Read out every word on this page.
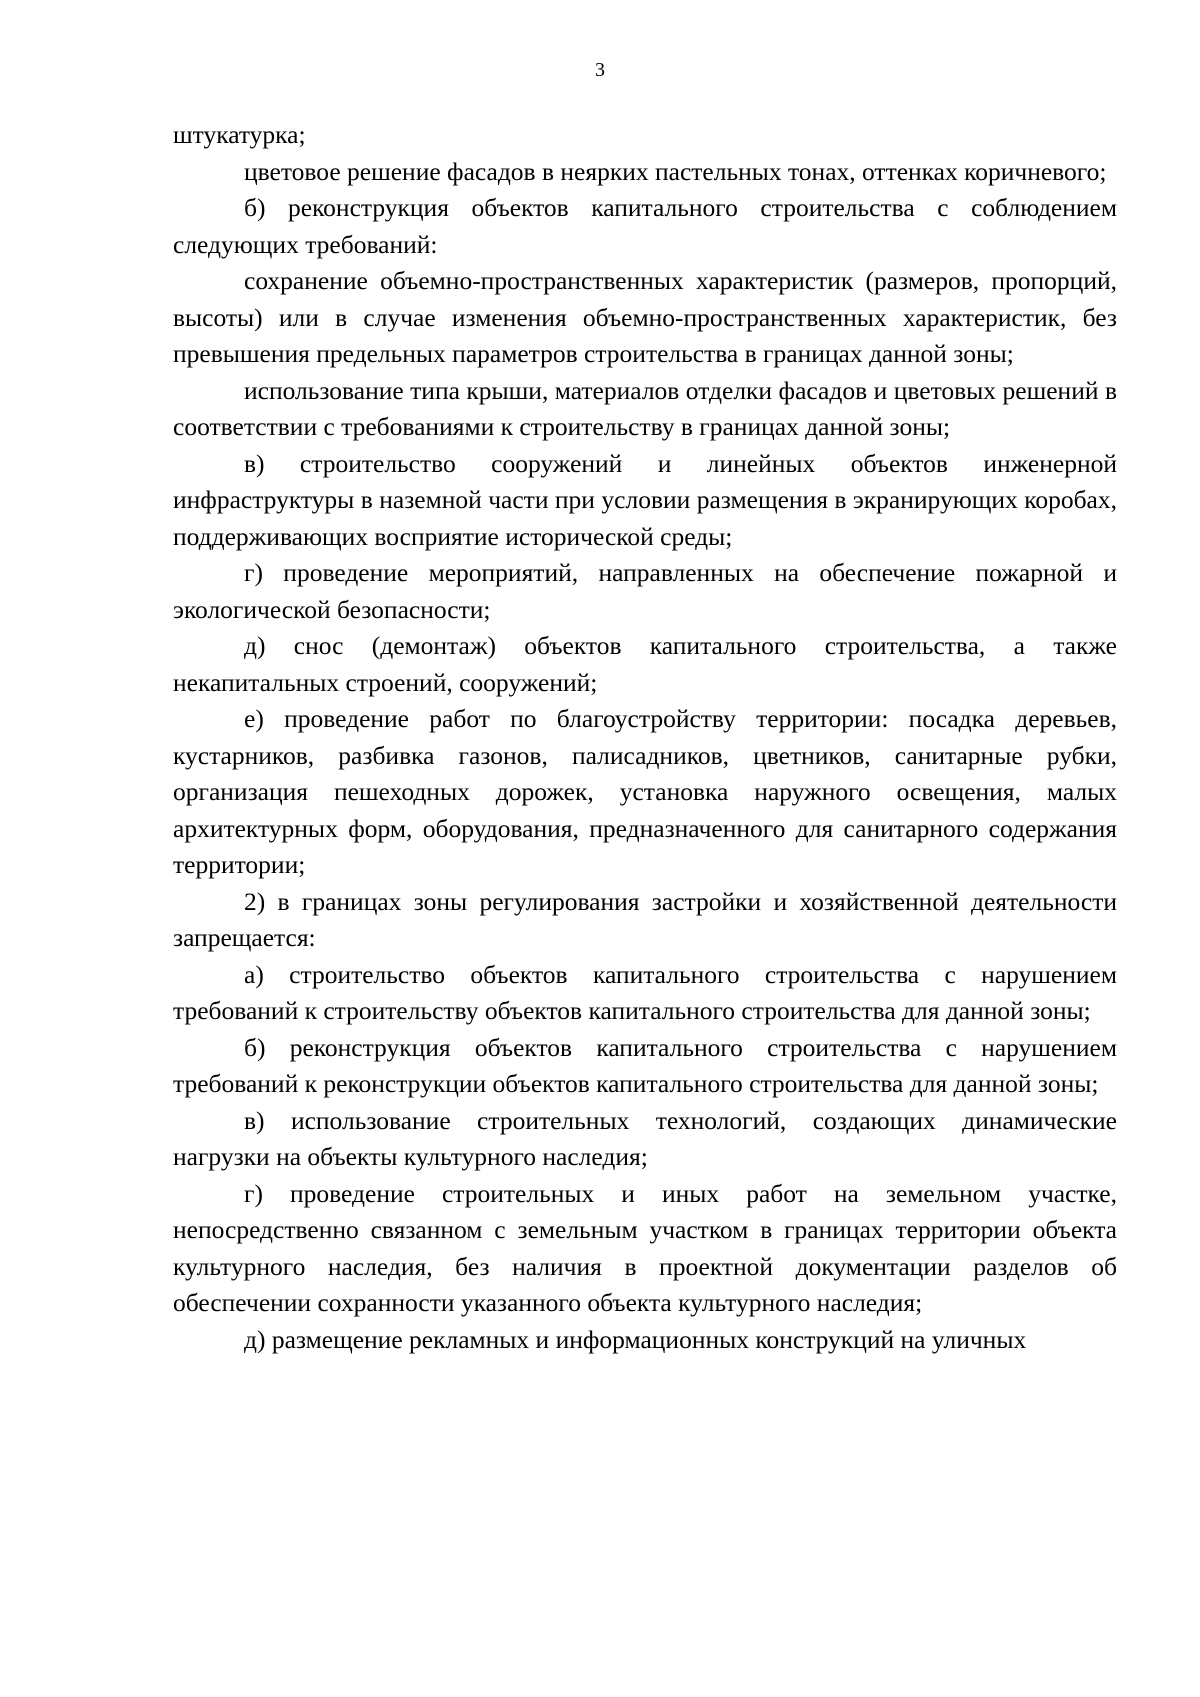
3

штукатурка;

цветовое решение фасадов в неярких пастельных тонах, оттенках коричневого;

б) реконструкция объектов капитального строительства с соблюдением следующих требований:

сохранение объемно-пространственных характеристик (размеров, пропорций, высоты) или в случае изменения объемно-пространственных характеристик, без превышения предельных параметров строительства в границах данной зоны;

использование типа крыши, материалов отделки фасадов и цветовых решений в соответствии с требованиями к строительству в границах данной зоны;

в) строительство сооружений и линейных объектов инженерной инфраструктуры в наземной части при условии размещения в экранирующих коробах, поддерживающих восприятие исторической среды;

г) проведение мероприятий, направленных на обеспечение пожарной и экологической безопасности;

д) снос (демонтаж) объектов капитального строительства, а также некапитальных строений, сооружений;

е) проведение работ по благоустройству территории: посадка деревьев, кустарников, разбивка газонов, палисадников, цветников, санитарные рубки, организация пешеходных дорожек, установка наружного освещения, малых архитектурных форм, оборудования, предназначенного для санитарного содержания территории;

2) в границах зоны регулирования застройки и хозяйственной деятельности запрещается:

а) строительство объектов капитального строительства с нарушением требований к строительству объектов капитального строительства для данной зоны;

б) реконструкция объектов капитального строительства с нарушением требований к реконструкции объектов капитального строительства для данной зоны;

в) использование строительных технологий, создающих динамические нагрузки на объекты культурного наследия;

г) проведение строительных и иных работ на земельном участке, непосредственно связанном с земельным участком в границах территории объекта культурного наследия, без наличия в проектной документации разделов об обеспечении сохранности указанного объекта культурного наследия;

д) размещение рекламных и информационных конструкций на уличных
